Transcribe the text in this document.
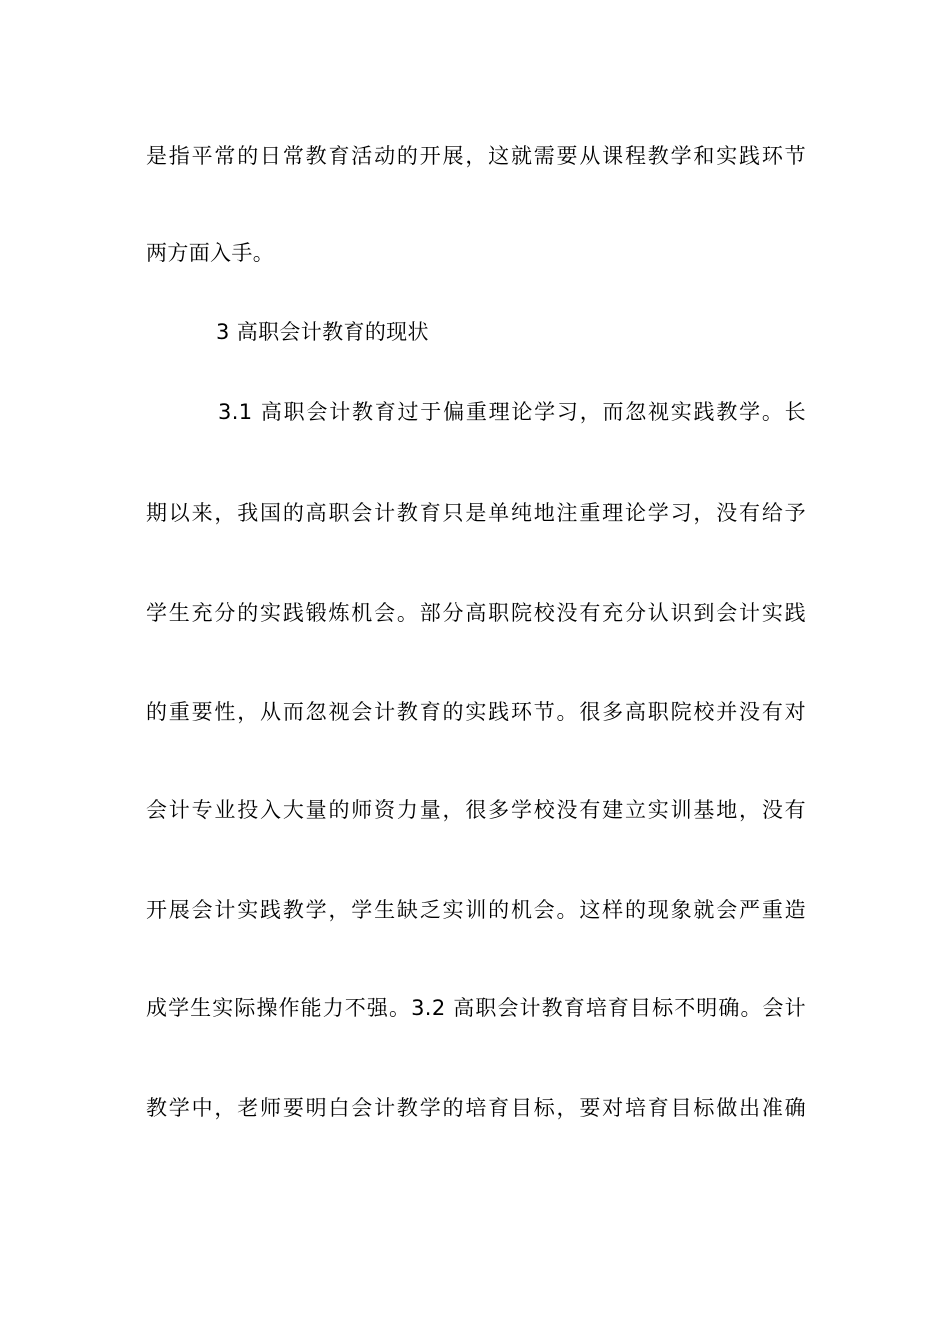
是指平常的日常教育活动的开展，这就需要从课程教学和实践环节
两方面入手。
3 高职会计教育的现状
3.1 高职会计教育过于偏重理论学习，而忽视实践教学。长
期以来，我国的高职会计教育只是单纯地注重理论学习，没有给予
学生充分的实践锻炼机会。部分高职院校没有充分认识到会计实践
的重要性，从而忽视会计教育的实践环节。很多高职院校并没有对
会计专业投入大量的师资力量，很多学校没有建立实训基地，没有
开展会计实践教学，学生缺乏实训的机会。这样的现象就会严重造
成学生实际操作能力不强。3.2 高职会计教育培育目标不明确。会计
教学中，老师要明白会计教学的培育目标，要对培育目标做出准确
